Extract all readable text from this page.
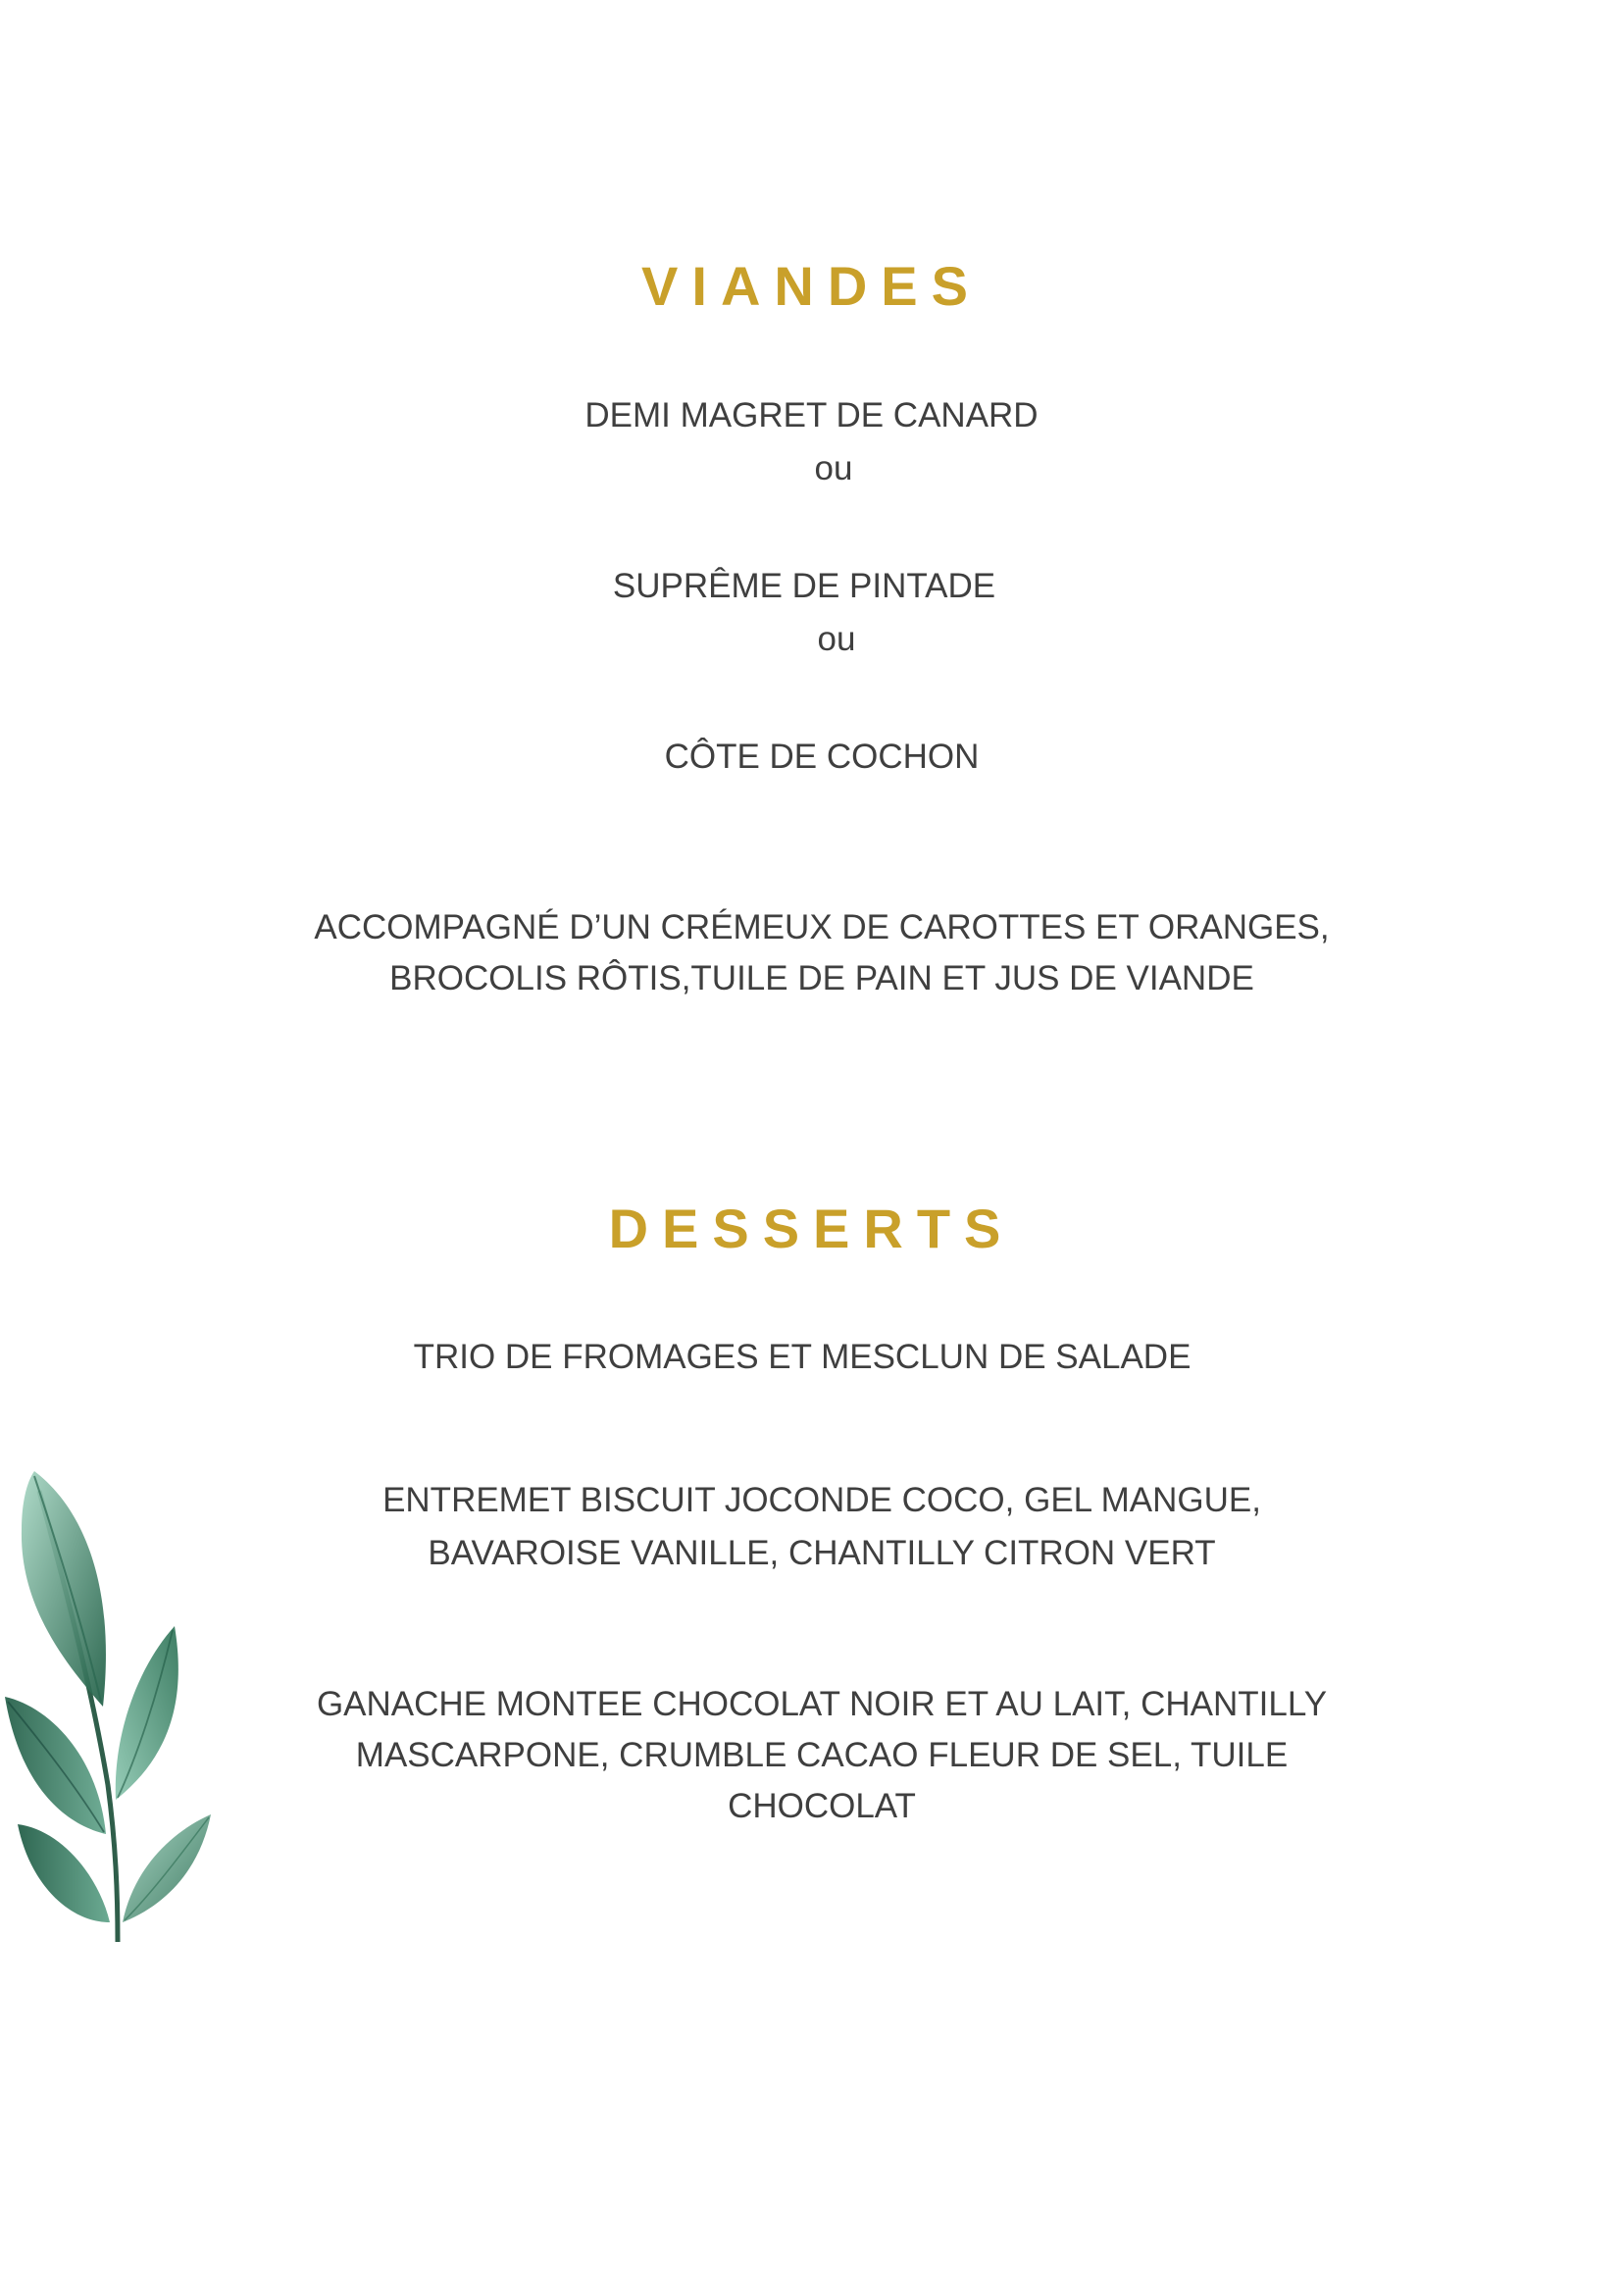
VIANDES
DEMI MAGRET DE CANARD
ou
SUPRÊME DE PINTADE
ou
CÔTE DE COCHON
ACCOMPAGNÉ D’UN CRÉMEUX DE CAROTTES ET ORANGES,
BROCOLIS RÔTIS,TUILE DE PAIN ET JUS DE VIANDE
DESSERTS
TRIO DE FROMAGES ET MESCLUN DE SALADE
ENTREMET BISCUIT JOCONDE COCO, GEL MANGUE,
BAVAROISE VANILLE, CHANTILLY CITRON VERT
GANACHE MONTEE CHOCOLAT NOIR ET AU LAIT, CHANTILLY
MASCARPONE, CRUMBLE CACAO FLEUR DE SEL, TUILE
CHOCOLAT
